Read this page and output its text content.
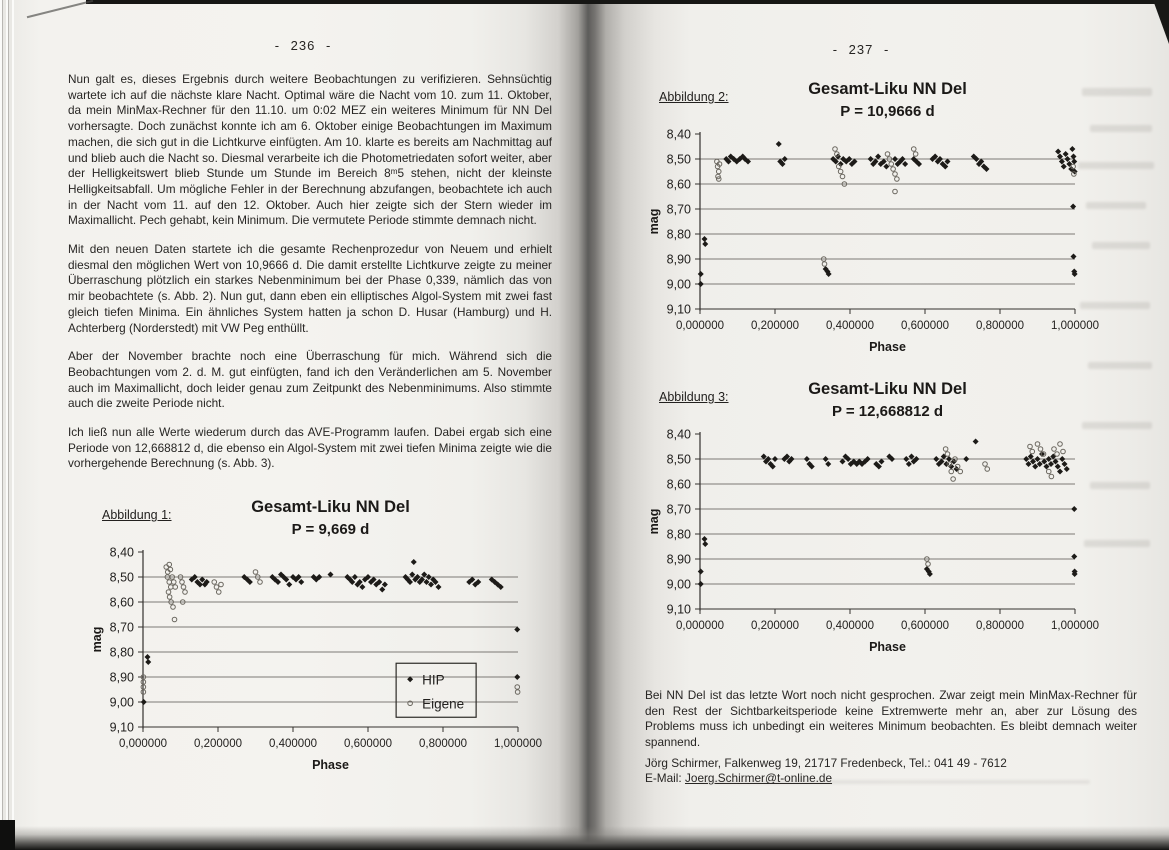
- 236 -

Nun galt es, dieses Ergebnis durch weitere Beobachtungen zu verifizieren. Sehnsüchtig wartete ich auf die nächste klare Nacht. Optimal wäre die Nacht vom 10. zum 11. Oktober, da mein MinMax-Rechner für den 11.10. um 0:02 MEZ ein weiteres Minimum für NN Del vorhersagte. Doch zunächst konnte ich am 6. Oktober einige Beobachtungen im Maximum machen, die sich gut in die Lichtkurve einfügten. Am 10. klarte es bereits am Nachmittag auf und blieb auch die Nacht so. Diesmal verarbeite ich die Photometriedaten sofort weiter, aber der Helligkeitswert blieb Stunde um Stunde im Bereich 8ᵐ5 stehen, nicht der kleinste Helligkeitsabfall. Um mögliche Fehler in der Berechnung abzufangen, beobachtete ich auch in der Nacht vom 11. auf den 12. Oktober. Auch hier zeigte sich der Stern wieder im Maximallicht. Pech gehabt, kein Minimum. Die vermutete Periode stimmte demnach nicht.

Mit den neuen Daten startete ich die gesamte Rechenprozedur von Neuem und erhielt diesmal den möglichen Wert von 10,9666 d. Die damit erstellte Lichtkurve zeigte zu meiner Überraschung plötzlich ein starkes Nebenminimum bei der Phase 0,339, nämlich das von mir beobachtete (s. Abb. 2). Nun gut, dann eben ein elliptisches Algol-System mit zwei fast gleich tiefen Minima. Ein ähnliches System hatten ja schon D. Husar (Hamburg) und H. Achterberg (Norderstedt) mit VW Peg enthüllt.

Aber der November brachte noch eine Überraschung für mich. Während sich die Beobachtungen vom 2. d. M. gut einfügten, fand ich den Veränderlichen am 5. November auch im Maximallicht, doch leider genau zum Zeitpunkt des Nebenminimums. Also stimmte auch die zweite Periode nicht.

Ich ließ nun alle Werte wiederum durch das AVE-Programm laufen. Dabei ergab sich eine Periode von 12,668812 d, die ebenso ein Algol-System mit zwei tiefen Minima zeigte wie die vorhergehende Berechnung (s. Abb. 3).

Abbildung 1:	Gesamt-Liku NN Del
P = 9,669 d
8,40
8,50
8,60
8,70
8,80
8,90
9,00
9,10
0,000000 0,200000 0,400000 0,600000 0,800000 1,000000
Phase
mag
HIP
Eigene
- 237 -
Abbildung 2:	Gesamt-Liku NN Del
P = 10,9666 d
8,40
8,50
8,60
8,70
8,80
8,90
9,00
9,10
0,000000 0,200000 0,400000 0,600000 0,800000 1,000000
Phase
mag
Abbildung 3:	Gesamt-Liku NN Del
P = 12,668812 d
8,40
8,50
8,60
8,70
8,80
8,90
9,00
9,10
0,000000 0,200000 0,400000 0,600000 0,800000 1,000000
Phase
mag

Bei NN Del ist das letzte Wort noch nicht gesprochen. Zwar zeigt mein MinMax-Rechner für den Rest der Sichtbarkeitsperiode keine Extremwerte mehr an, aber zur Lösung des Problems muss ich unbedingt ein weiteres Minimum beobachten. Es bleibt demnach weiter spannend.

Jörg Schirmer, Falkenweg 19, 21717 Fredenbeck, Tel.: 041 49 - 7612
E-Mail: Joerg.Schirmer@t-online.de
